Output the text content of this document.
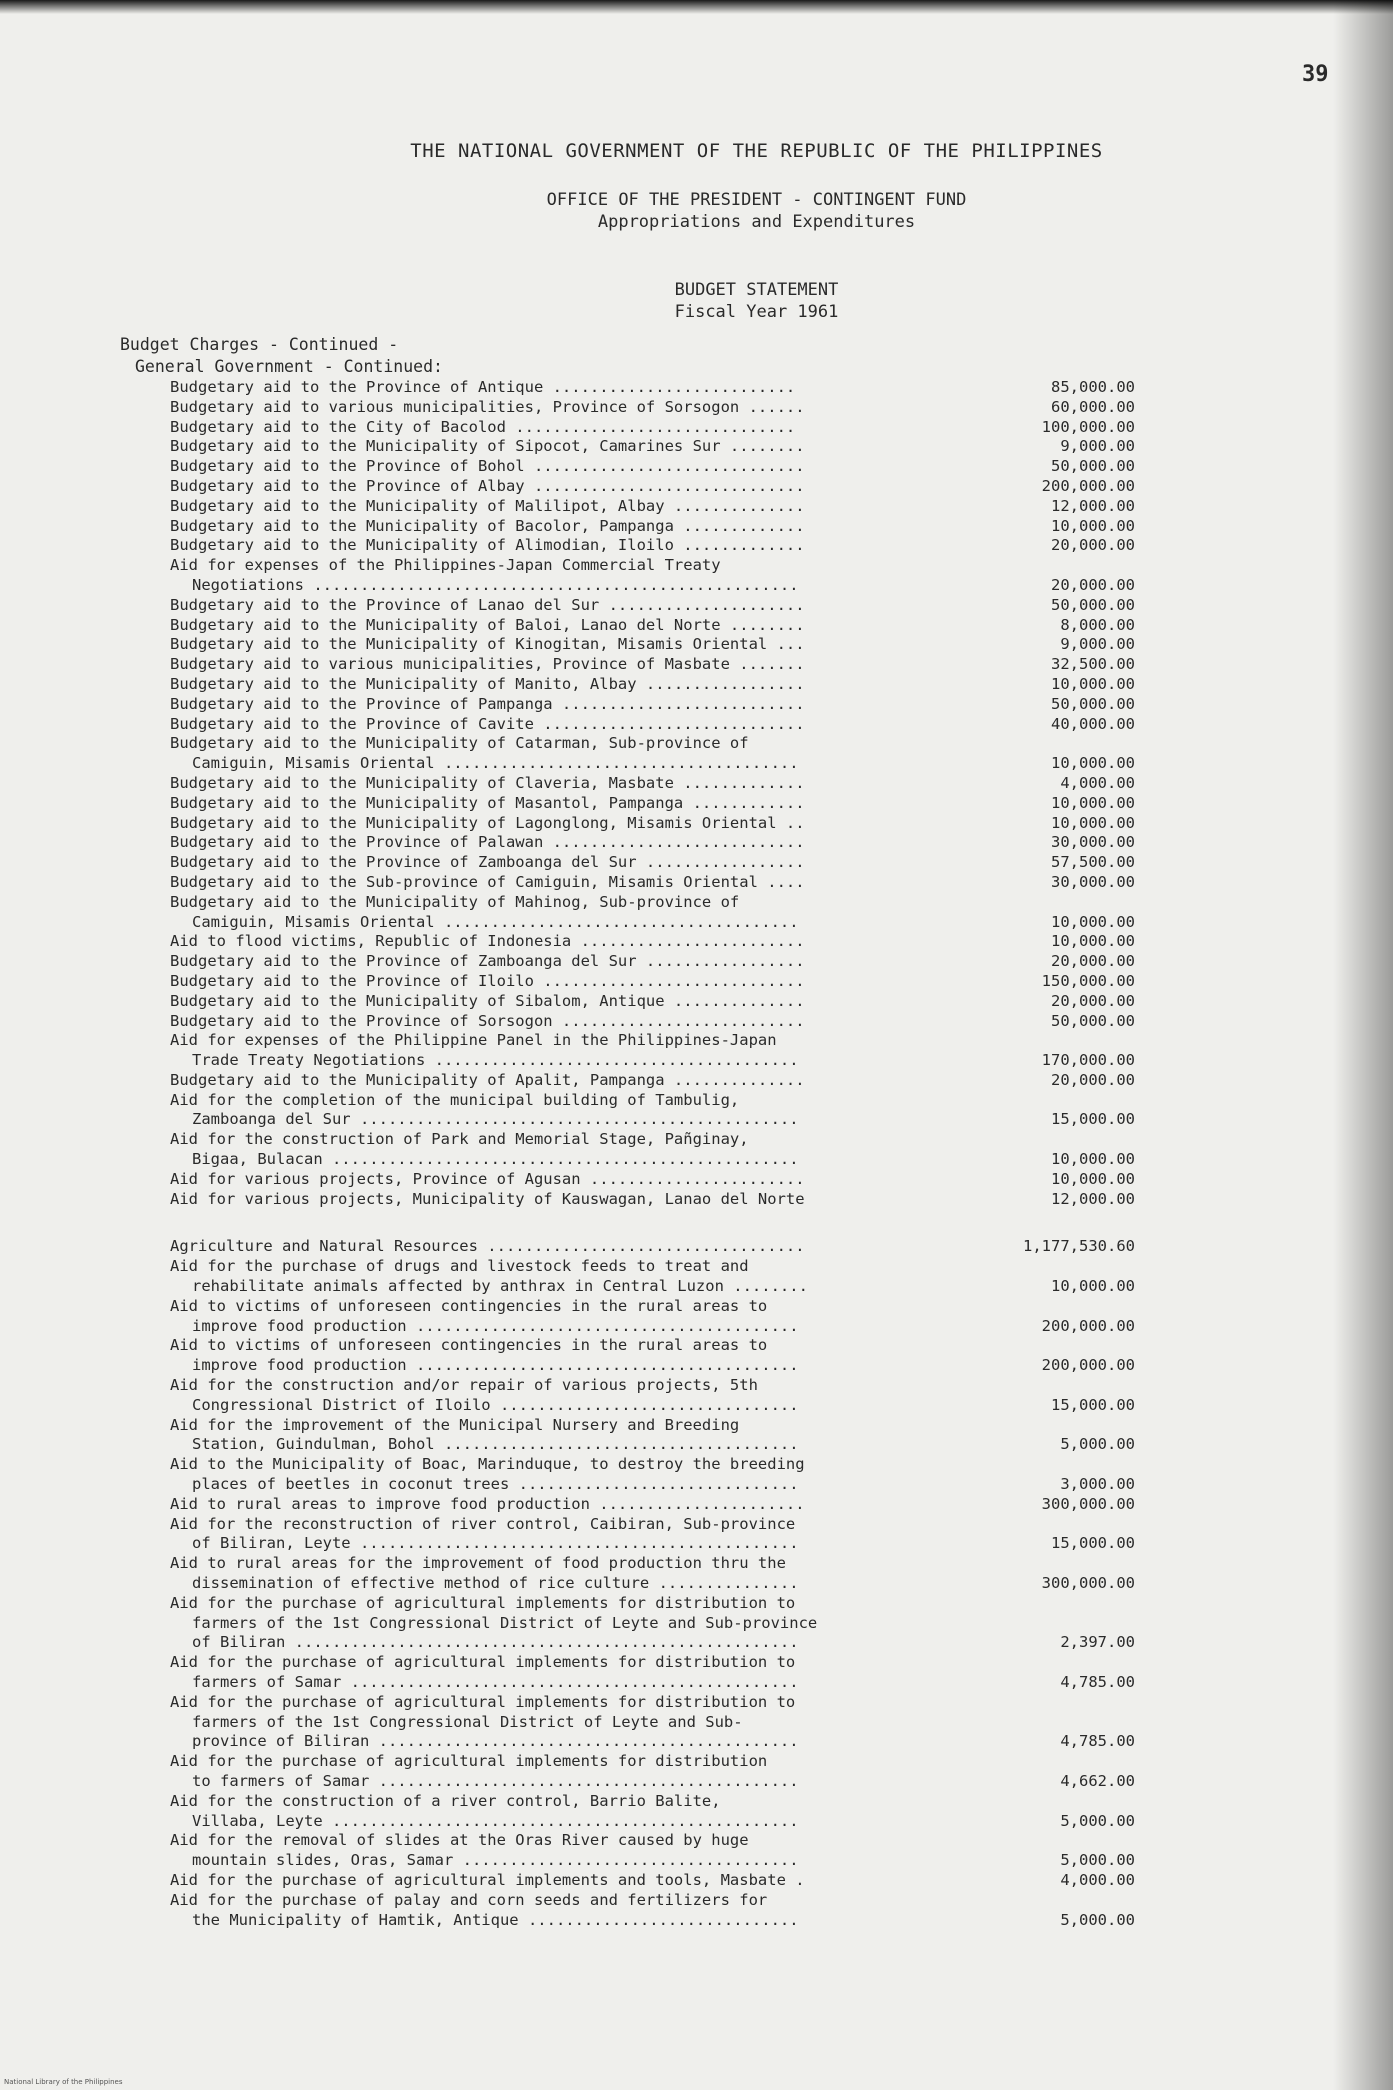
39
THE NATIONAL GOVERNMENT OF THE REPUBLIC OF THE PHILIPPINES
OFFICE OF THE PRESIDENT - CONTINGENT FUND
Appropriations and Expenditures
BUDGET STATEMENT
Fiscal Year 1961
Budget Charges - Continued -
General Government - Continued:
Budgetary aid to the Province of Antique ..........................	85,000.00
Budgetary aid to various municipalities, Province of Sorsogon ......	60,000.00
Budgetary aid to the City of Bacolod ..............................	100,000.00
Budgetary aid to the Municipality of Sipocot, Camarines Sur ........	9,000.00
Budgetary aid to the Province of Bohol .............................	50,000.00
Budgetary aid to the Province of Albay .............................	200,000.00
Budgetary aid to the Municipality of Malilipot, Albay ..............	12,000.00
Budgetary aid to the Municipality of Bacolor, Pampanga .............	10,000.00
Budgetary aid to the Municipality of Alimodian, Iloilo .............	20,000.00
Aid for expenses of the Philippines-Japan Commercial Treaty
Negotiations ....................................................	20,000.00
Budgetary aid to the Province of Lanao del Sur .....................	50,000.00
Budgetary aid to the Municipality of Baloi, Lanao del Norte ........	8,000.00
Budgetary aid to the Municipality of Kinogitan, Misamis Oriental ...	9,000.00
Budgetary aid to various municipalities, Province of Masbate .......	32,500.00
Budgetary aid to the Municipality of Manito, Albay .................	10,000.00
Budgetary aid to the Province of Pampanga ..........................	50,000.00
Budgetary aid to the Province of Cavite ............................	40,000.00
Budgetary aid to the Municipality of Catarman, Sub-province of
Camiguin, Misamis Oriental ......................................	10,000.00
Budgetary aid to the Municipality of Claveria, Masbate .............	4,000.00
Budgetary aid to the Municipality of Masantol, Pampanga ............	10,000.00
Budgetary aid to the Municipality of Lagonglong, Misamis Oriental ..	10,000.00
Budgetary aid to the Province of Palawan ...........................	30,000.00
Budgetary aid to the Province of Zamboanga del Sur .................	57,500.00
Budgetary aid to the Sub-province of Camiguin, Misamis Oriental ....	30,000.00
Budgetary aid to the Municipality of Mahinog, Sub-province of
Camiguin, Misamis Oriental ......................................	10,000.00
Aid to flood victims, Republic of Indonesia ........................	10,000.00
Budgetary aid to the Province of Zamboanga del Sur .................	20,000.00
Budgetary aid to the Province of Iloilo ............................	150,000.00
Budgetary aid to the Municipality of Sibalom, Antique ..............	20,000.00
Budgetary aid to the Province of Sorsogon ..........................	50,000.00
Aid for expenses of the Philippine Panel in the Philippines-Japan
Trade Treaty Negotiations .......................................	170,000.00
Budgetary aid to the Municipality of Apalit, Pampanga ..............	20,000.00
Aid for the completion of the municipal building of Tambulig,
Zamboanga del Sur ...............................................	15,000.00
Aid for the construction of Park and Memorial Stage, Pañginay,
Bigaa, Bulacan ..................................................	10,000.00
Aid for various projects, Province of Agusan .......................	10,000.00
Aid for various projects, Municipality of Kauswagan, Lanao del Norte	12,000.00
Agriculture and Natural Resources ..................................	1,177,530.60
Aid for the purchase of drugs and livestock feeds to treat and
rehabilitate animals affected by anthrax in Central Luzon ........	10,000.00
Aid to victims of unforeseen contingencies in the rural areas to
improve food production .........................................	200,000.00
Aid to victims of unforeseen contingencies in the rural areas to
improve food production .........................................	200,000.00
Aid for the construction and/or repair of various projects, 5th
Congressional District of Iloilo ................................	15,000.00
Aid for the improvement of the Municipal Nursery and Breeding
Station, Guindulman, Bohol ......................................	5,000.00
Aid to the Municipality of Boac, Marinduque, to destroy the breeding
places of beetles in coconut trees ..............................	3,000.00
Aid to rural areas to improve food production ......................	300,000.00
Aid for the reconstruction of river control, Caibiran, Sub-province
of Biliran, Leyte ...............................................	15,000.00
Aid to rural areas for the improvement of food production thru the
dissemination of effective method of rice culture ...............	300,000.00
Aid for the purchase of agricultural implements for distribution to
farmers of the 1st Congressional District of Leyte and Sub-province
of Biliran ......................................................	2,397.00
Aid for the purchase of agricultural implements for distribution to
farmers of Samar ................................................	4,785.00
Aid for the purchase of agricultural implements for distribution to
farmers of the 1st Congressional District of Leyte and Sub-
province of Biliran .............................................	4,785.00
Aid for the purchase of agricultural implements for distribution
to farmers of Samar .............................................	4,662.00
Aid for the construction of a river control, Barrio Balite,
Villaba, Leyte ..................................................	5,000.00
Aid for the removal of slides at the Oras River caused by huge
mountain slides, Oras, Samar ....................................	5,000.00
Aid for the purchase of agricultural implements and tools, Masbate .	4,000.00
Aid for the purchase of palay and corn seeds and fertilizers for
the Municipality of Hamtik, Antique .............................	5,000.00
National Library of the Philippines
